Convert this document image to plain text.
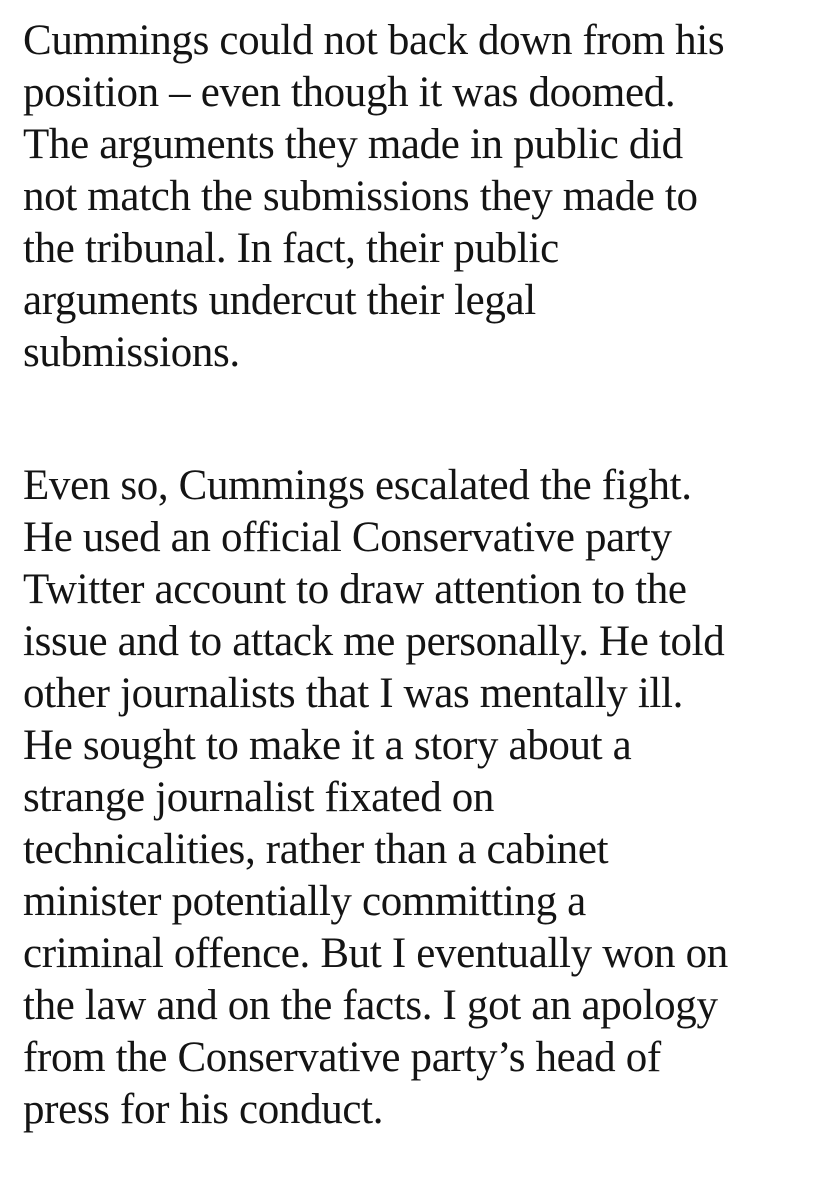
Cummings could not back down from his
position – even though it was doomed.
The arguments they made in public did
not match the submissions they made to
the tribunal. In fact, their public
arguments undercut their legal
submissions.

Even so, Cummings escalated the fight.
He used an official Conservative party
Twitter account to draw attention to the
issue and to attack me personally. He told
other journalists that I was mentally ill.
He sought to make it a story about a
strange journalist fixated on
technicalities, rather than a cabinet
minister potentially committing a
criminal offence. But I eventually won on
the law and on the facts. I got an apology
from the Conservative party’s head of
press for his conduct.
